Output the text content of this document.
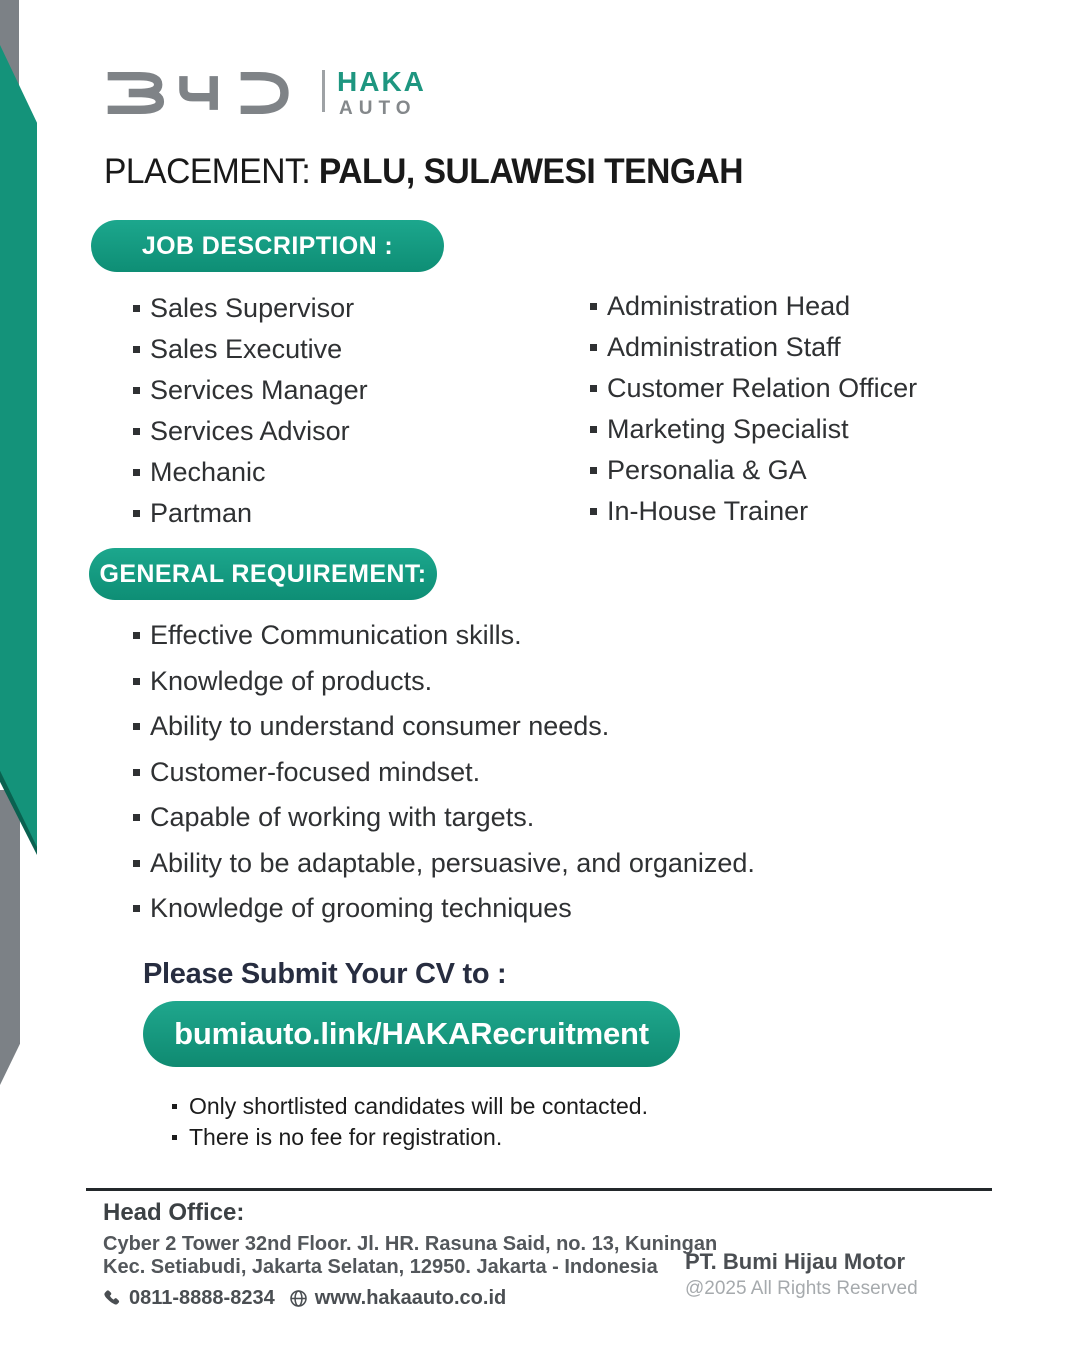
HAKA
AUTO
PLACEMENT: PALU, SULAWESI TENGAH
JOB DESCRIPTION :
Sales Supervisor
Sales Executive
Services Manager
Services Advisor
Mechanic
Partman
Administration Head
Administration Staff
Customer Relation Officer
Marketing Specialist
Personalia & GA
In-House Trainer
GENERAL REQUIREMENT:
Effective Communication skills.
Knowledge of products.
Ability to understand consumer needs.
Customer-focused mindset.
Capable of working with targets.
Ability to be adaptable, persuasive, and organized.
Knowledge of grooming techniques
Please Submit Your CV to :
bumiauto.link/HAKARecruitment
Only shortlisted candidates will be contacted.
There is no fee for registration.
Head Office:
Cyber 2 Tower 32nd Floor. Jl. HR. Rasuna Said, no. 13, Kuningan
Kec. Setiabudi, Jakarta Selatan, 12950. Jakarta - Indonesia
0811-8888-8234 www.hakaauto.co.id
PT. Bumi Hijau Motor
@2025 All Rights Reserved
